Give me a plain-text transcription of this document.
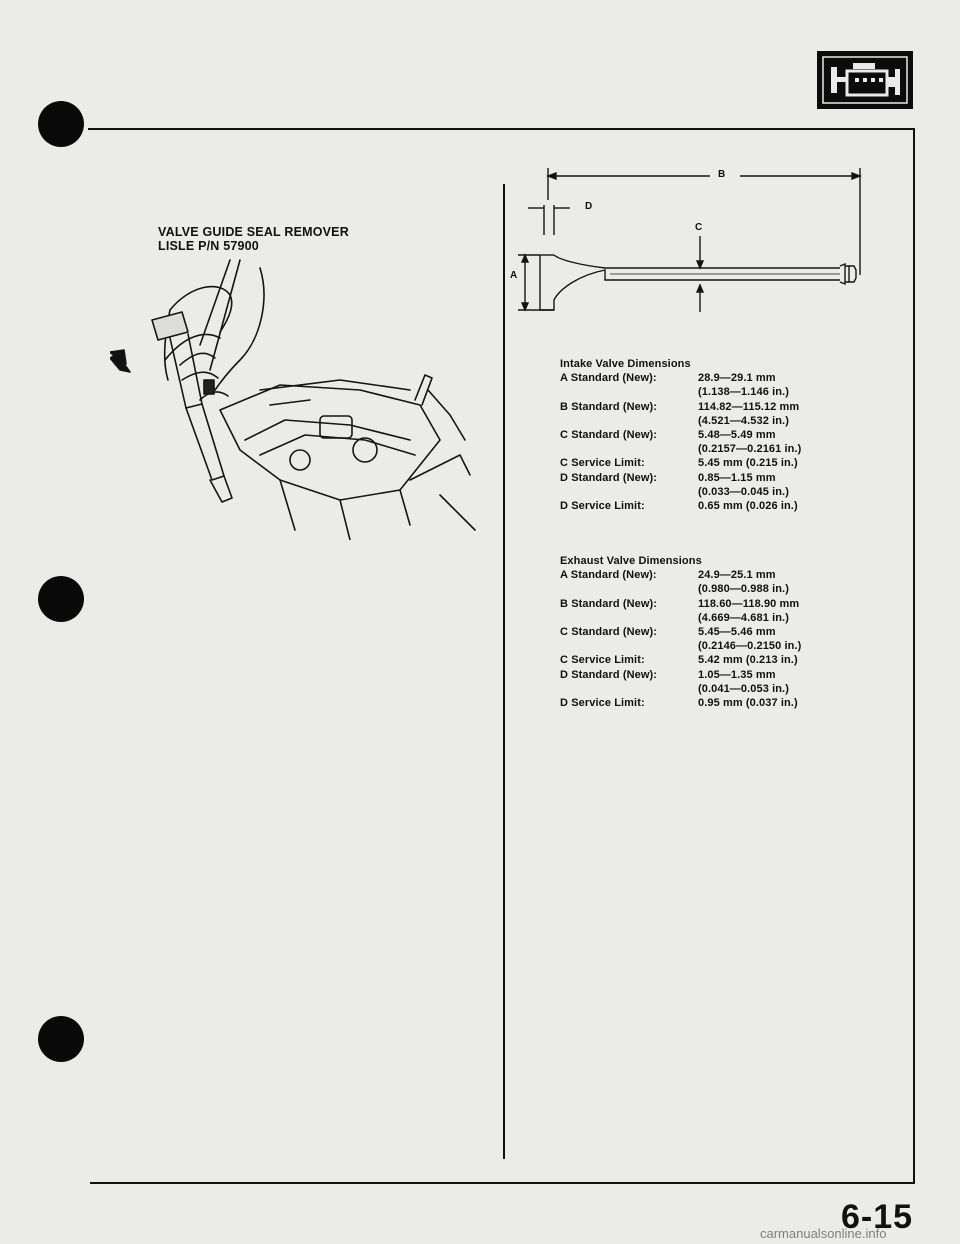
VALVE GUIDE SEAL REMOVER
LISLE P/N 57900
B
D
C
A
Intake Valve Dimensions
A Standard (New):	28.9—29.1 mm
(1.138—1.146 in.)
B Standard (New):	114.82—115.12 mm
(4.521—4.532 in.)
C Standard (New):	5.48—5.49 mm
(0.2157—0.2161 in.)
C Service Limit:	5.45 mm (0.215 in.)
D Standard (New):	0.85—1.15 mm
(0.033—0.045 in.)
D Service Limit:	0.65 mm (0.026 in.)
Exhaust Valve Dimensions
A Standard (New):	24.9—25.1 mm
(0.980—0.988 in.)
B Standard (New):	118.60—118.90 mm
(4.669—4.681 in.)
C Standard (New):	5.45—5.46 mm
(0.2146—0.2150 in.)
C Service Limit:	5.42 mm (0.213 in.)
D Standard (New):	1.05—1.35 mm
(0.041—0.053 in.)
D Service Limit:	0.95 mm (0.037 in.)
6-15
carmanualsonline.info
